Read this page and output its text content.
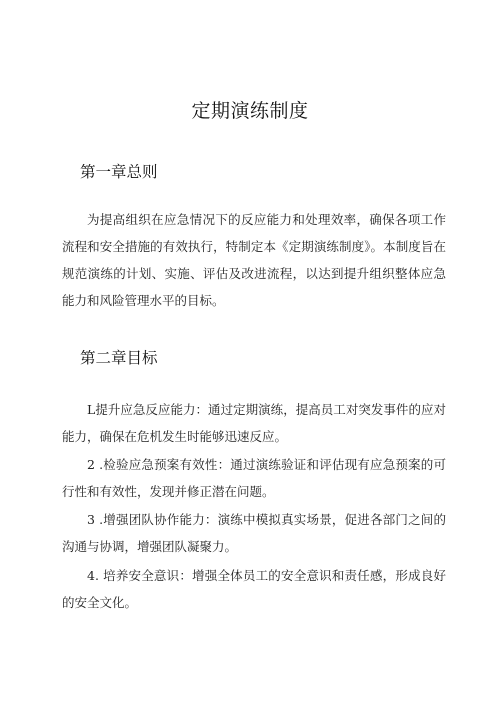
定期演练制度
第一章总则
为提高组织在应急情况下的反应能力和处理效率，确保各项工作流程和安全措施的有效执行，特制定本《定期演练制度》。本制度旨在规范演练的计划、实施、评估及改进流程，以达到提升组织整体应急能力和风险管理水平的目标。
第二章目标
L提升应急反应能力：通过定期演练，提高员工对突发事件的应对能力，确保在危机发生时能够迅速反应。
2 .检验应急预案有效性：通过演练验证和评估现有应急预案的可行性和有效性，发现并修正潜在问题。
3 .增强团队协作能力：演练中模拟真实场景，促进各部门之间的沟通与协调，增强团队凝聚力。
4. 培养安全意识：增强全体员工的安全意识和责任感，形成良好的安全文化。
